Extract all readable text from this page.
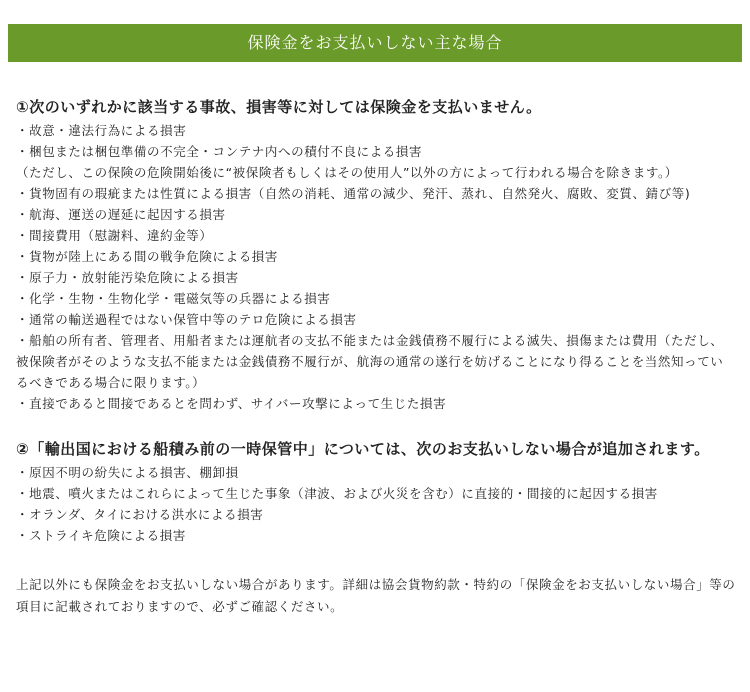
保険金をお支払いしない主な場合

①次のいずれかに該当する事故、損害等に対しては保険金を支払いません。

・故意・違法行為による損害

・梱包または梱包準備の不完全・コンテナ内への積付不良による損害

（ただし、この保険の危険開始後に“被保険者もしくはその使用人”以外の方によって行われる場合を除きます。）

・貨物固有の瑕疵または性質による損害（自然の消耗、通常の減少、発汗、蒸れ、自然発火、腐敗、変質、錆び等)

・航海、運送の遅延に起因する損害

・間接費用（慰謝料、違約金等）

・貨物が陸上にある間の戦争危険による損害

・原子力・放射能汚染危険による損害

・化学・生物・生物化学・電磁気等の兵器による損害

・通常の輸送過程ではない保管中等のテロ危険による損害

・船舶の所有者、管理者、用船者または運航者の支払不能または金銭債務不履行による滅失、損傷または費用（ただし、被保険者がそのような支払不能または金銭債務不履行が、航海の通常の遂行を妨げることになり得ることを当然知っているべきである場合に限ります。）

・直接であると間接であるとを問わず、サイバー攻撃によって生じた損害

②「輸出国における船積み前の一時保管中」については、次のお支払いしない場合が追加されます。

・原因不明の紛失による損害、棚卸損

・地震、噴火またはこれらによって生じた事象（津波、および火災を含む）に直接的・間接的に起因する損害

・オランダ、タイにおける洪水による損害

・ストライキ危険による損害

上記以外にも保険金をお支払いしない場合があります。詳細は協会貨物約款・特約の「保険金をお支払いしない場合」等の項目に記載されておりますので、必ずご確認ください。
